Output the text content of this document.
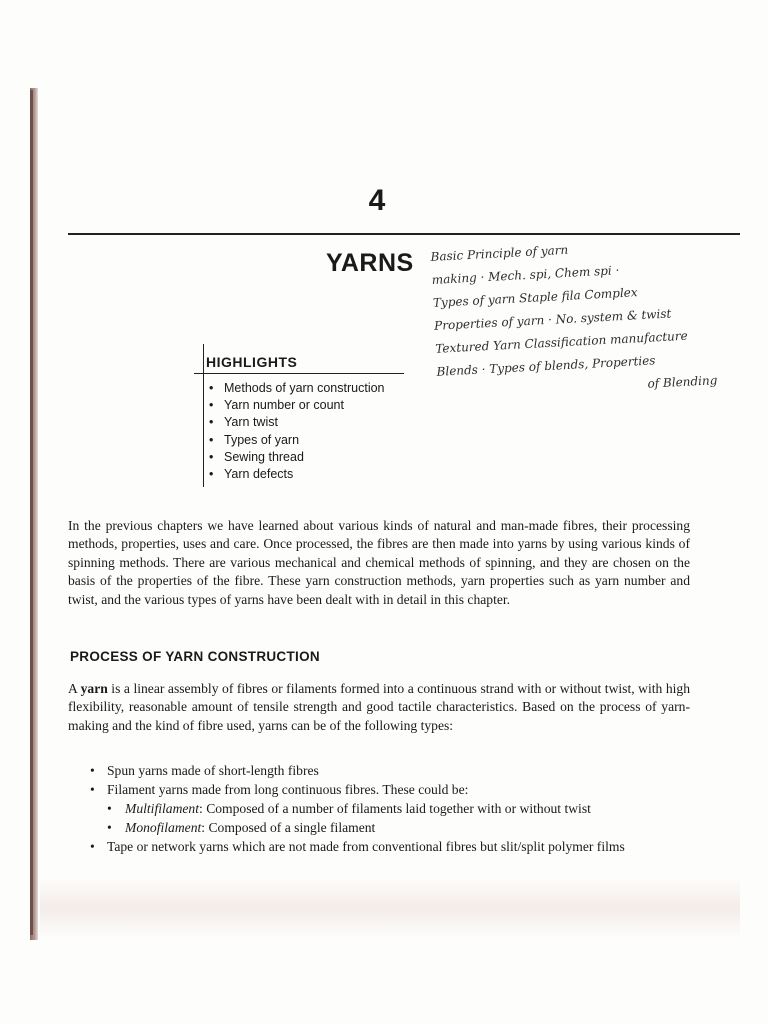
4
YARNS Basic Principle of yarn
making · Mech. spi, Chem spi ·
Types of yarn Staple fila Complex
Properties of yarn · No. system & twist
Textured Yarn Classification manufacture
Blends · Types of blends, Properties
of Blending
HIGHLIGHTS
• Methods of yarn construction
• Yarn number or count
• Yarn twist
• Types of yarn
• Sewing thread
• Yarn defects

In the previous chapters we have learned about various kinds of natural and man-made fibres, their processing methods, properties, uses and care. Once processed, the fibres are then made into yarns by using various kinds of spinning methods. There are various mechanical and chemical methods of spinning, and they are chosen on the basis of the properties of the fibre. These yarn construction methods, yarn properties such as yarn number and twist, and the various types of yarns have been dealt with in detail in this chapter.

PROCESS OF YARN CONSTRUCTION

A yarn is a linear assembly of fibres or filaments formed into a continuous strand with or without twist, with high flexibility, reasonable amount of tensile strength and good tactile characteristics. Based on the process of yarn-making and the kind of fibre used, yarns can be of the following types:

• Spun yarns made of short-length fibres
• Filament yarns made from long continuous fibres. These could be:
• Multifilament: Composed of a number of filaments laid together with or without twist
• Monofilament: Composed of a single filament
• Tape or network yarns which are not made from conventional fibres but slit/split polymer films
